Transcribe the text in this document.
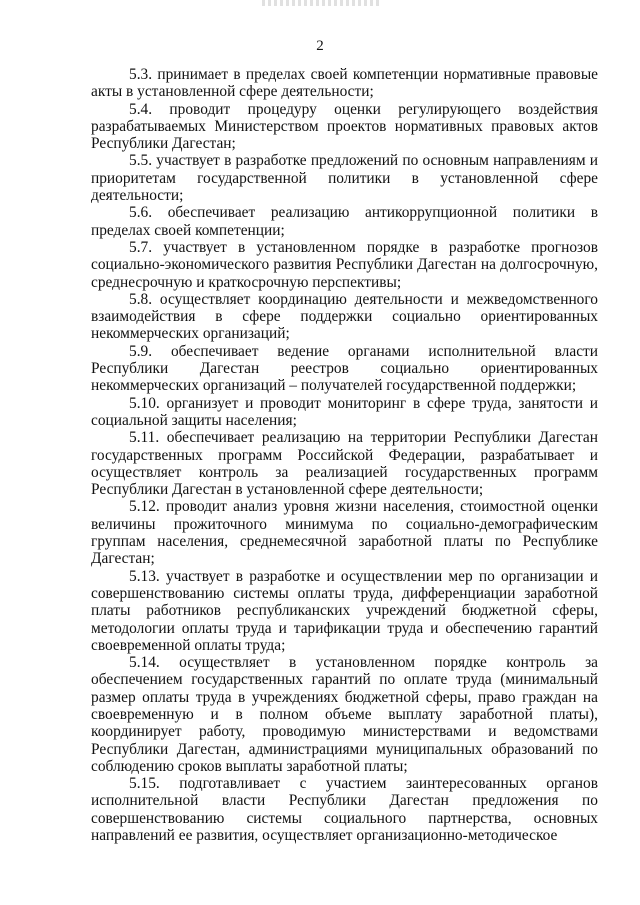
2

5.3. принимает в пределах своей компетенции нормативные правовые акты в установленной сфере деятельности;

5.4. проводит процедуру оценки регулирующего воздействия разрабатываемых Министерством проектов нормативных правовых актов Республики Дагестан;

5.5. участвует в разработке предложений по основным направлениям и приоритетам государственной политики в установленной сфере деятельности;

5.6. обеспечивает реализацию антикоррупционной политики в пределах своей компетенции;

5.7. участвует в установленном порядке в разработке прогнозов социально-экономического развития Республики Дагестан на долгосрочную, среднесрочную и краткосрочную перспективы;

5.8. осуществляет координацию деятельности и межведомственного взаимодействия в сфере поддержки социально ориентированных некоммерческих организаций;

5.9. обеспечивает ведение органами исполнительной власти Республики Дагестан реестров социально ориентированных некоммерческих организаций – получателей государственной поддержки;

5.10. организует и проводит мониторинг в сфере труда, занятости и социальной защиты населения;

5.11. обеспечивает реализацию на территории Республики Дагестан государственных программ Российской Федерации, разрабатывает и осуществляет контроль за реализацией государственных программ Республики Дагестан в установленной сфере деятельности;

5.12. проводит анализ уровня жизни населения, стоимостной оценки величины прожиточного минимума по социально-демографическим группам населения, среднемесячной заработной платы по Республике Дагестан;

5.13. участвует в разработке и осуществлении мер по организации и совершенствованию системы оплаты труда, дифференциации заработной платы работников республиканских учреждений бюджетной сферы, методологии оплаты труда и тарификации труда и обеспечению гарантий своевременной оплаты труда;

5.14. осуществляет в установленном порядке контроль за обеспечением государственных гарантий по оплате труда (минимальный размер оплаты труда в учреждениях бюджетной сферы, право граждан на своевременную и в полном объеме выплату заработной платы), координирует работу, проводимую министерствами и ведомствами Республики Дагестан, администрациями муниципальных образований по соблюдению сроков выплаты заработной платы;

5.15. подготавливает с участием заинтересованных органов исполнительной власти Республики Дагестан предложения по совершенствованию системы социального партнерства, основных направлений ее развития, осуществляет организационно-методическое
